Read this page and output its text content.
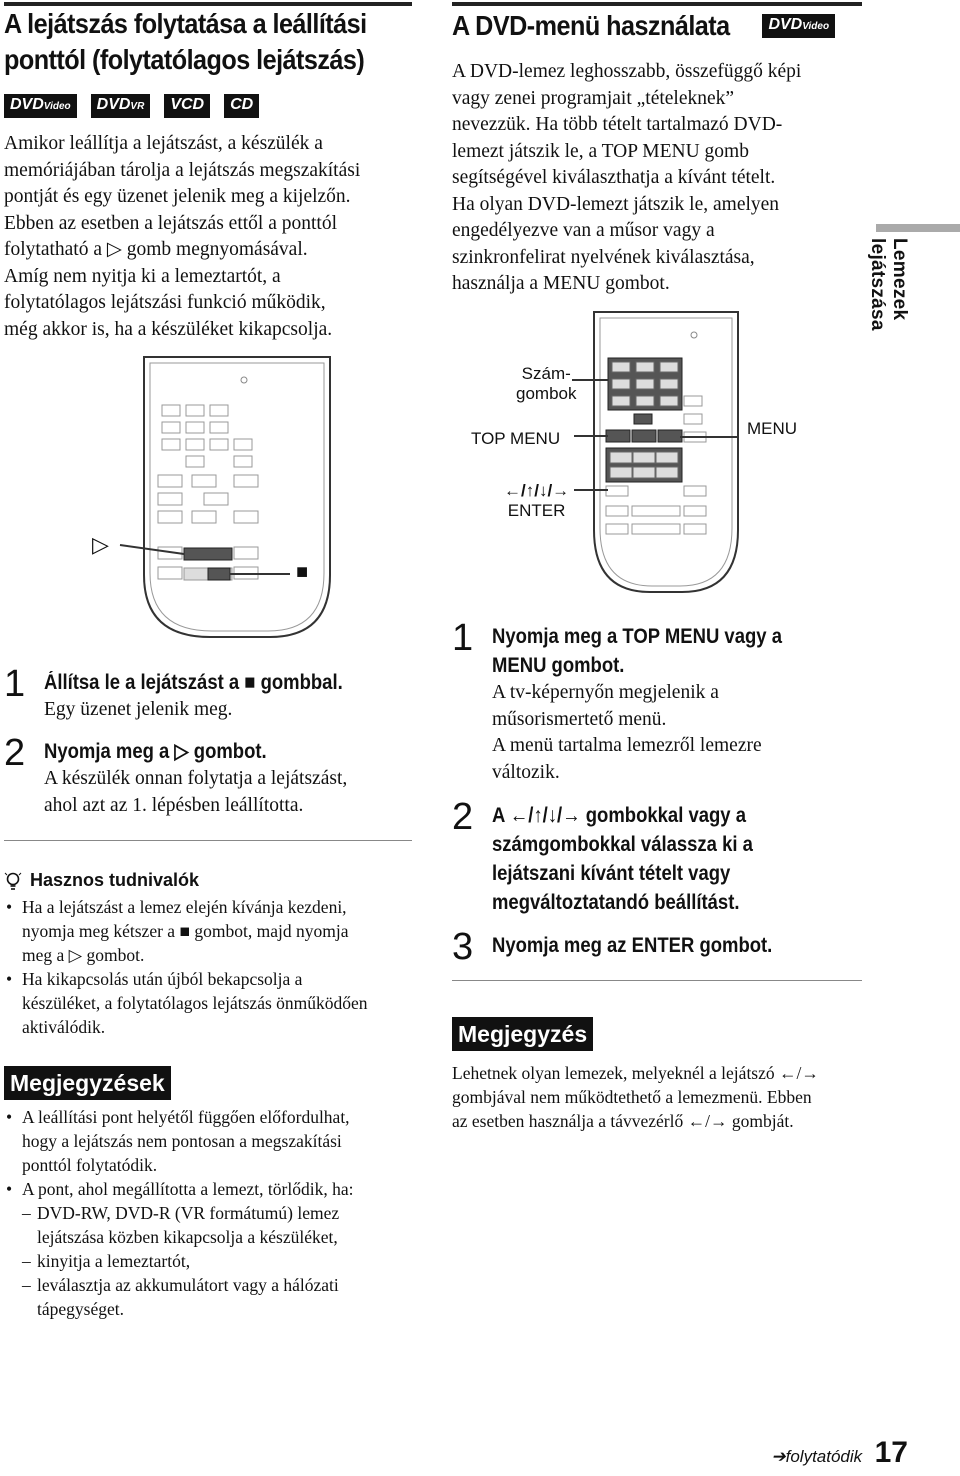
A lejátszás folytatása a leállítási
ponttól (folytatólagos lejátszás)
DVDVideo	DVDVR	VCD	CD

Amikor leállítja a lejátszást, a készülék a

memóriájában tárolja a lejátszás megszakítási

pontját és egy üzenet jelenik meg a kijelzőn.

Ebben az esetben a lejátszás ettől a ponttól

folytatható a ▷ gomb megnyomásával.

Amíg nem nyitja ki a lemeztartót, a

folytatólagos lejátszási funkció működik,

még akkor is, ha a készüléket kikapcsolja.

▷
■
1 Állítsa le a lejátszást a ■ gombbal.

Egy üzenet jelenik meg.

2 Nyomja meg a ▷ gombot.

A készülék onnan folytatja a lejátszást,

ahol azt az 1. lépésben leállította.

Hasznos tudnivalók
• Ha a lejátszást a lemez elején kívánja kezdeni,
nyomja meg kétszer a ■ gombot, majd nyomja
meg a ▷ gombot.
• Ha kikapcsolás után újból bekapcsolja a
készüléket, a folytatólagos lejátszás önműködően
aktiválódik.
Megjegyzések
• A leállítási pont helyétől függően előfordulhat,
hogy a lejátszás nem pontosan a megszakítási
ponttól folytatódik.
• A pont, ahol megállította a lemezt, törlődik, ha:
– DVD-RW, DVD-R (VR formátumú) lemez
lejátszása közben kikapcsolja a készüléket,
– kinyitja a lemeztartót,
– leválasztja az akkumulátort vagy a hálózati
tápegységet.
A DVD-menü használata	DVDVideo

A DVD-lemez leghosszabb, összefüggő képi

vagy zenei programjait „tételeknek”

nevezzük. Ha több tételt tartalmazó DVD-

lemezt játszik le, a TOP MENU gomb

segítségével kiválaszthatja a kívánt tételt.

Ha olyan DVD-lemezt játszik le, amelyen

engedélyezve van a műsor vagy a

szinkronfelirat nyelvének kiválasztása,

használja a MENU gombot.

Szám-
gombok
TOP MENU
MENU
←/↑/↓/→
ENTER
1 Nyomja meg a TOP MENU vagy a

MENU gombot.

A tv-képernyőn megjelenik a

műsorismertető menü.

A menü tartalma lemezről lemezre

változik.

2 A ←/↑/↓/→ gombokkal vagy a

számgombokkal válassza ki a

lejátszani kívánt tételt vagy

megváltoztatandó beállítást.

3 Nyomja meg az ENTER gombot.

Megjegyzés
Lehetnek olyan lemezek, melyeknél a lejátszó ←/→
gombjával nem működtethető a lemezmenü. Ebben
az esetben használja a távvezérlő ←/→ gombját.
Lemezek lejátszása
➔folytatódik 17
